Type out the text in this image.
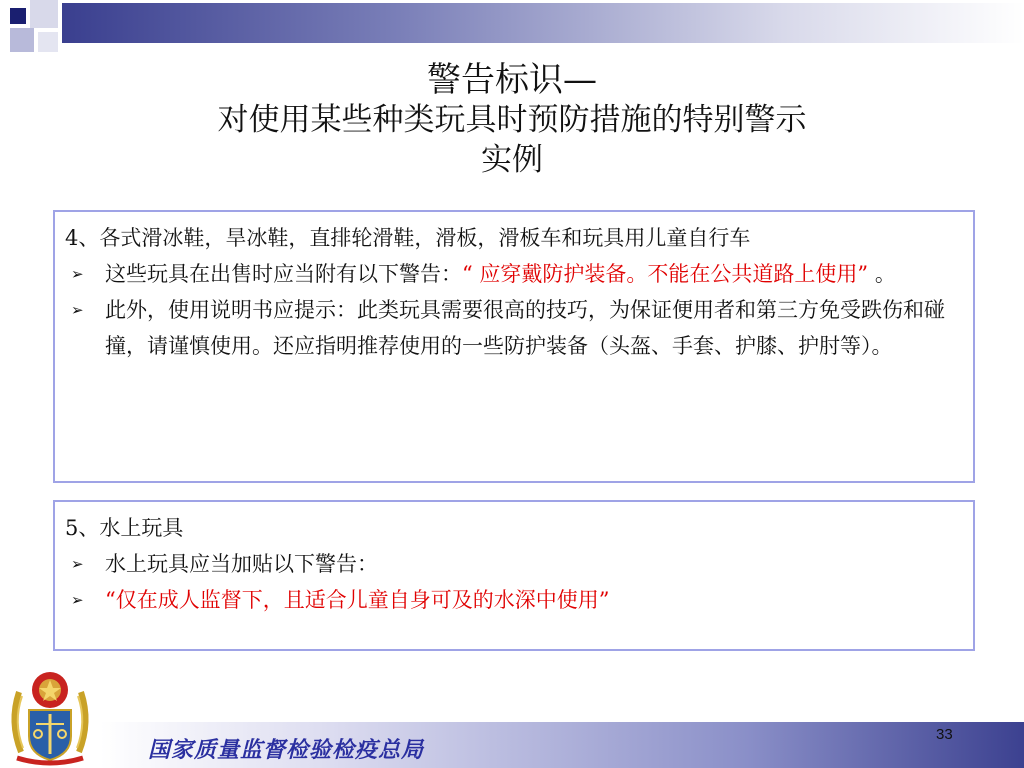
警告标识—
对使用某些种类玩具时预防措施的特别警示
实例
4、各式滑冰鞋，旱冰鞋，直排轮滑鞋，滑板，滑板车和玩具用儿童自行车
➢	这些玩具在出售时应当附有以下警告：“ 应穿戴防护装备。不能在公共道路上使用” 。
➢	此外，使用说明书应提示：此类玩具需要很高的技巧，为保证便用者和第三方免受跌伤和碰撞，请谨慎使用。还应指明推荐使用的一些防护装备（头盔、手套、护膝、护肘等）。
5、水上玩具
➢	水上玩具应当加贴以下警告：
➢	“仅在成人监督下，且适合儿童自身可及的水深中使用”
国家质量监督检验检疫总局
33
